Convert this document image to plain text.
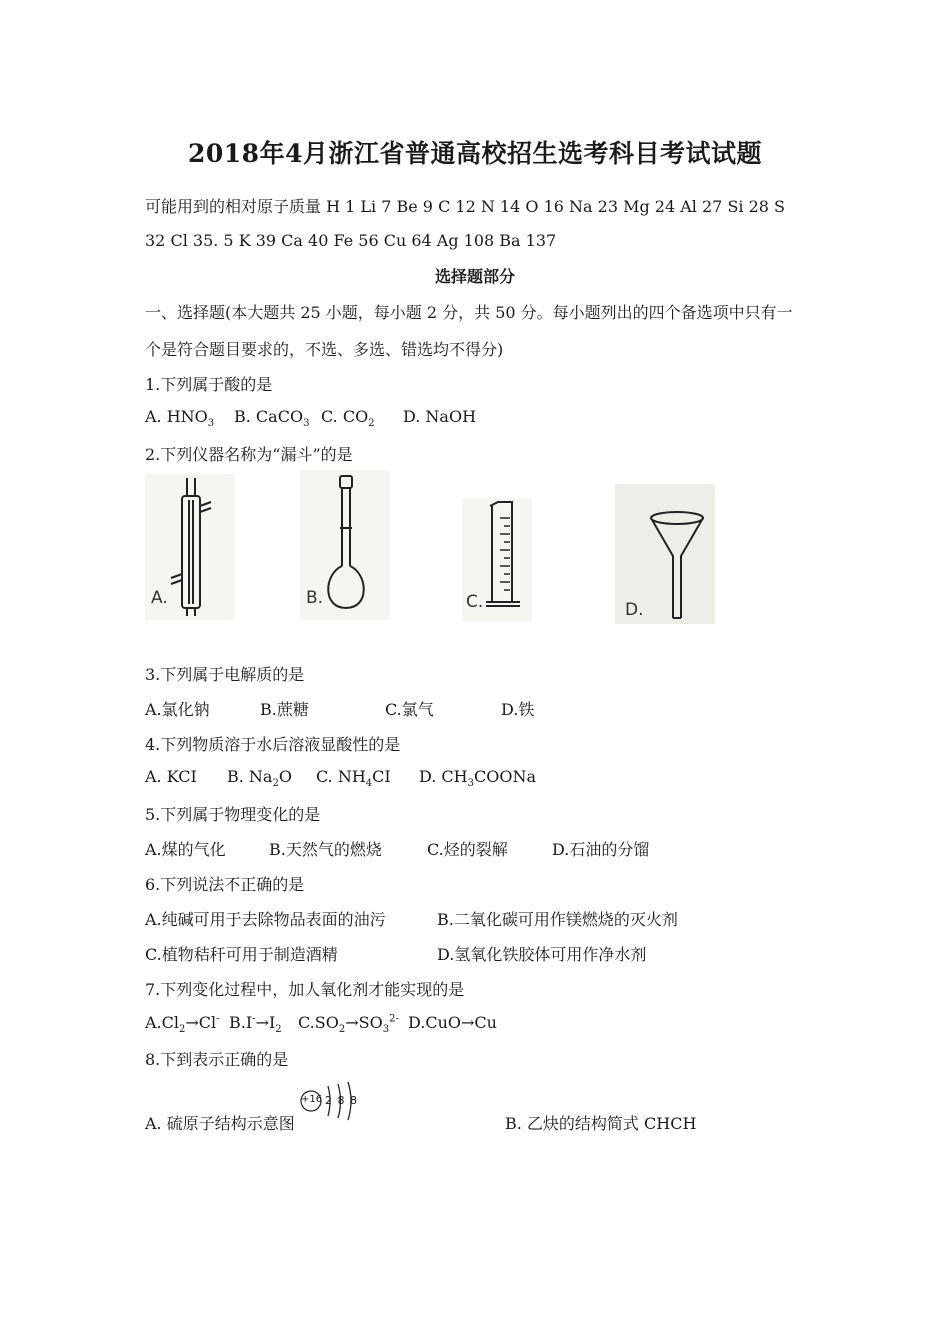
2018年4月浙江省普通高校招生选考科目考试试题
可能用到的相对原子质量 H 1 Li 7 Be 9 C 12 N 14 O 16 Na 23 Mg 24 Al 27 Si 28 S
32 Cl 35. 5 K 39 Ca 40 Fe 56 Cu 64 Ag 108 Ba 137
选择题部分
一、选择题(本大题共 25 小题，每小题 2 分，共 50 分。每小题列出的四个备选项中只有一
个是符合题目要求的，不选、多选、错选均不得分)
1.下列属于酸的是
A. $HNO_3$ B. CaCO$_3$ C. $CO_2$ D. NaOH
2.下列仪器名称为“漏斗”的是
A.	B.	C.	D.
3.下列属于电解质的是
A.氯化钠	B.蔗糖	C.氯气	D.铁
4.下列物质溶于水后溶液显酸性的是
A. KCI B. $Na_2O$ C. $NH_4CI$ D. $CH_3COONa$
5.下列属于物理变化的是
A.煤的气化	B.天然气的燃烧	C.烃的裂解	D.石油的分馏
6.下列说法不正确的是
A.纯碱可用于去除物品表面的油污	B.二氧化碳可用作镁燃烧的灭火剂
C.植物秸秆可用于制造酒精	D.氢氧化铁胶体可用作净水剂
7.下列变化过程中，加人氧化剂才能实现的是
$A.Cl_2\to Cl^-$ $B.I^-\to I_2$ $C.SO_2\to SO_3^{2-}$ D.CuO→Cu
8.下到表示正确的是
A. 硫原子结构示意图
+16 2 8 8
B. 乙炔的结构简式 CHCH
